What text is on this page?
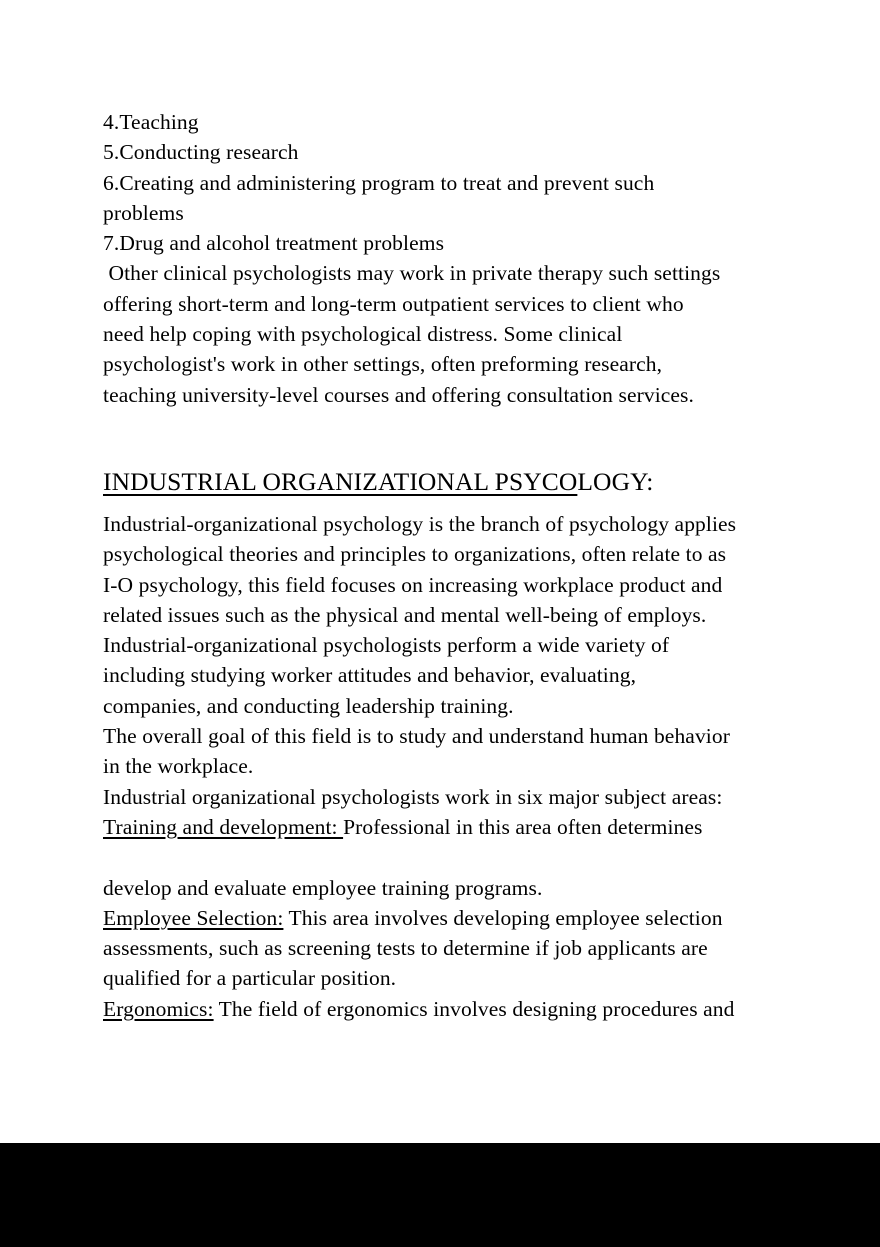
4.Teaching
5.Conducting research
6.Creating and administering program to treat and prevent such
problems
7.Drug and alcohol treatment problems
Other clinical psychologists may work in private therapy such settings
offering short-term and long-term outpatient services to client who
need help coping with psychological distress. Some clinical
psychologist's work in other settings, often preforming research,
teaching university-level courses and offering consultation services.
INDUSTRIAL ORGANIZATIONAL PSYCOLOGY:
Industrial-organizational psychology is the branch of psychology applies
psychological theories and principles to organizations, often relate to as
I-O psychology, this field focuses on increasing workplace product and
related issues such as the physical and mental well-being of employs.
Industrial-organizational psychologists perform a wide variety of
including studying worker attitudes and behavior, evaluating,
companies, and conducting leadership training.
The overall goal of this field is to study and understand human behavior
in the workplace.
Industrial organizational psychologists work in six major subject areas:
Training and development: Professional in this area often determines
develop and evaluate employee training programs.
Employee Selection: This area involves developing employee selection
assessments, such as screening tests to determine if job applicants are
qualified for a particular position.
Ergonomics: The field of ergonomics involves designing procedures and
